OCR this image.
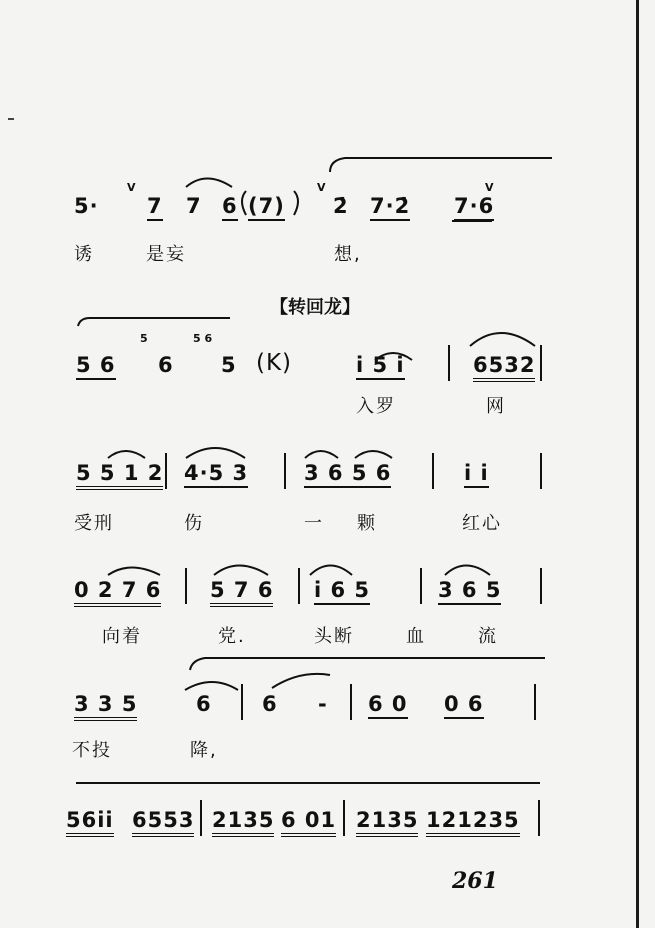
5·
V
7 7 6 (7)
V
2̇ 7·2̇
V
7·6
诱	是妄	想,
【转回龙】
5	5 6
5 6 6 5 (K)	i 5 i	6532
入罗	网
5 5 1 2 4·5 3	3 6 5 6	i i
受刑	伤	一 颗	红心
0 2 7 6 5 7 6 i 6 5	3 6 5
向着	党.	头断	血	流
3 3 5	6 6 - 6 0 0 6
不投	降,
56ii 6553 2135 6 01 2135 121235
261
